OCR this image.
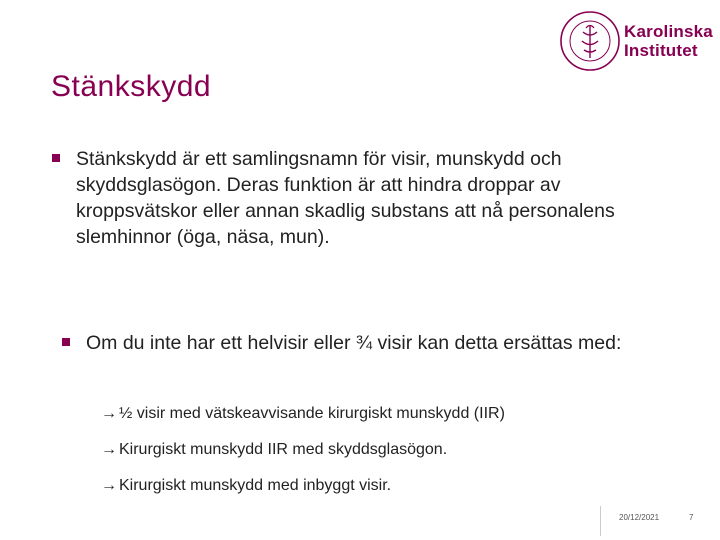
Stänkskydd
Karolinska
Institutet

Stänkskydd är ett samlingsnamn för visir, munskydd och skyddsglasögon. Deras funktion är att hindra droppar av kroppsvätskor eller annan skadlig substans att nå personalens slemhinnor (öga, näsa, mun).

Om du inte har ett helvisir eller ¾ visir kan detta ersättas med:

→ ½ visir med vätskeavvisande kirurgiskt munskydd (IIR)
→ Kirurgiskt munskydd IIR med skyddsglasögon.
→ Kirurgiskt munskydd med inbyggt visir.
20/12/2021	7
